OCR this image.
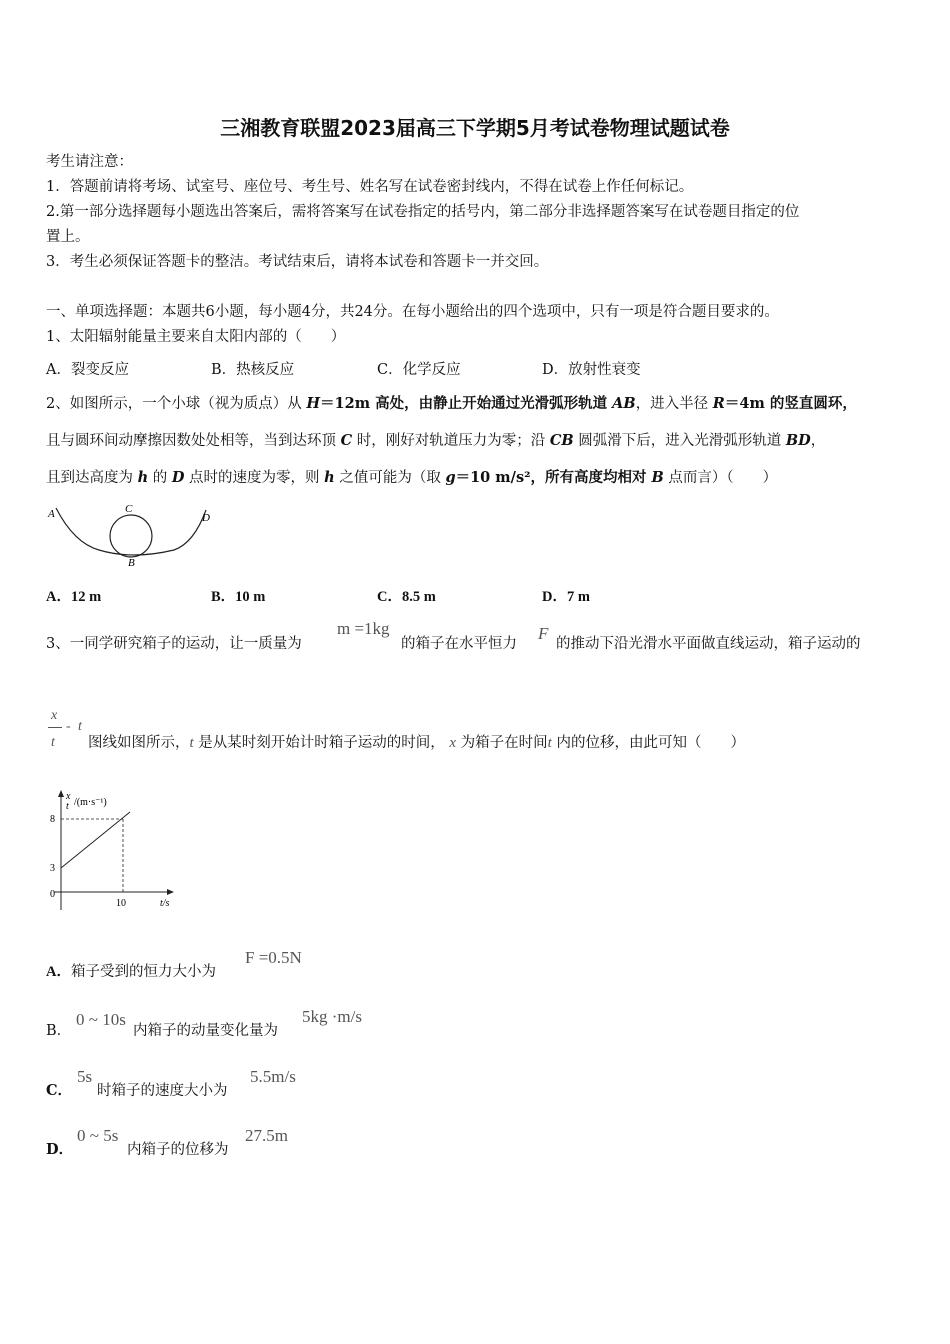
三湘教育联盟2023届高三下学期5月考试卷物理试题试卷
考生请注意：
1．答题前请将考场、试室号、座位号、考生号、姓名写在试卷密封线内，不得在试卷上作任何标记。
2.第一部分选择题每小题选出答案后，需将答案写在试卷指定的括号内，第二部分非选择题答案写在试卷题目指定的位
置上。
3．考生必须保证答题卡的整洁。考试结束后，请将本试卷和答题卡一并交回。
一、单项选择题：本题共6小题，每小题4分，共24分。在每小题给出的四个选项中，只有一项是符合题目要求的。
1、太阳辐射能量主要来自太阳内部的（　　）
A．裂变反应	B．热核反应	C．化学反应	D．放射性衰变
2、如图所示，一个小球（视为质点）从 H＝12m 高处，由静止开始通过光滑弧形轨道 AB，进入半径 R＝4m 的竖直圆环，
且与圆环间动摩擦因数处处相等，当到达环顶 C 时，刚好对轨道压力为零；沿 CB 圆弧滑下后，进入光滑弧形轨道 BD，
且到达高度为 h 的 D 点时的速度为零，则 h 之值可能为（取 g＝10 m/s²，所有高度均相对 B 点而言）（　　）
A	C
D
B
A．12 m	B．10 m	C．8.5 m	D．7 m
3、一同学研究箱子的运动，让一质量为
m =1kg
的箱子在水平恒力
F
的推动下沿光滑水平面做直线运动，箱子运动的
x
t
- t
图线如图所示，t 是从某时刻开始计时箱子运动的时间， x 为箱子在时间t 内的位移，由此可知（　　）
x
t /(m·s⁻¹)
8
3
0
10	t/s
A．箱子受到的恒力大小为
F =0.5N
B．
0 ~ 10s
内箱子的动量变化量为
5kg ·m/s
C．
5s
时箱子的速度大小为
5.5m/s
D．
0 ~ 5s
内箱子的位移为
27.5m
